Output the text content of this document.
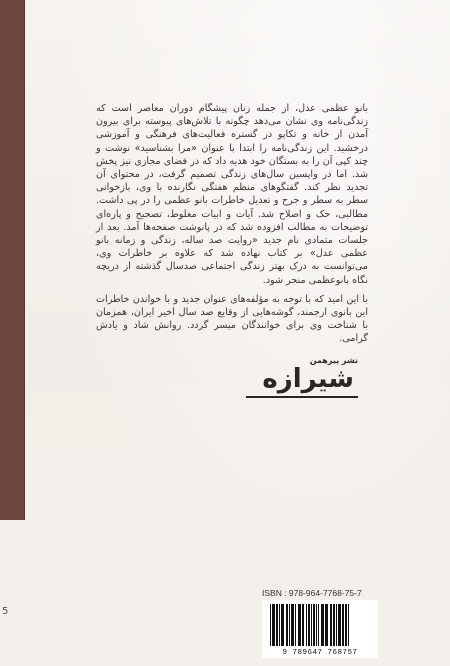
بانو عظمی عدل، از جمله زنان پیشگام دوران معاصر است که زندگی‌نامه وی نشان می‌دهد چگونه با تلاش‌های پیوسته برای بیرون آمدن از خانه و تکاپو در گستره فعالیت‌های فرهنگی و آموزشی درخشید. این زندگی‌نامه را ابتدا با عنوان «مرا بشناسید» نوشت و چند کپی آن را به بستگان خود هدیه داد که در فضای مجازی نیز پخش شد. اما در واپسین سال‌های زندگی تصمیم گرفت، در محتوای آن تجدید نظر کند. گفتگوهای منظم هفتگی نگارنده با وی، بازخوانی سطر به سطر و جرح و تعدیل خاطرات بانو عظمی را در پی داشت. مطالبی، حک و اصلاح شد. آیات و ابیات مغلوط، تصحیح و پاره‌ای توضیحات به مطالب افزوده شد که در پانوشت صفحه‌ها آمد. بعد از جلسات متمادی نام جدید «روایت صد ساله، زندگی و زمانه بانو عظمی عدل» بر کتاب نهاده شد که علاوه بر خاطرات وی، می‌توانست به درک بهتر زندگی اجتماعی صدسال گذشته از دریچه نگاه بانوعظمی منجر شود.

با این امید که با توجه به مؤلفه‌های عنوان جدید و با خواندن خاطرات این بانوی ارجمند، گوشه‌هایی از وقایع صد سال اخیر ایران، همزمان با شناخت وی برای خوانندگان میسر گردد. روانش شاد و یادش گرامی.

نشر پیرهمن
شیرازه
ISBN : 978-964-7768-75-7
9 789647 768757
5
